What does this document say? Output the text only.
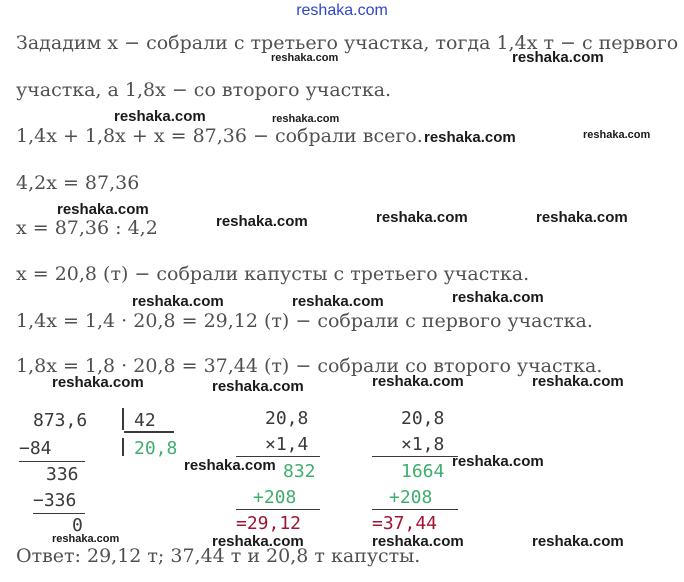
reshaka.com
Зададим x − собрали с третьего участка, тогда 1,4x т − с первого
участка, а 1,8x − со второго участка.
1,4x + 1,8x + x = 87,36 − собрали всего.
4,2x = 87,36
x = 87,36 : 4,2
x = 20,8 (т) − собрали капусты с третьего участка.
1,4x = 1,4 · 20,8 = 29,12 (т) − собрали с первого участка.
1,8x = 1,8 · 20,8 = 37,44 (т) − собрали со второго участка.
Ответ: 29,12 т; 37,44 т и 20,8 т капусты.
873,6	42
20,8
−84
336
−336
0
20,8
×1,4
832
+208
=29,12
20,8
×1,8
1664
+208
=37,44
reshaka.com	reshaka.com
reshaka.com	reshaka.com
reshaka.com	reshaka.com
reshaka.com
reshaka.com	reshaka.com	reshaka.com
reshaka.com	reshaka.com	reshaka.com
reshaka.com	reshaka.com	reshaka.com	reshaka.com
reshaka.com	reshaka.com
reshaka.com	reshaka.com	reshaka.com	reshaka.com
